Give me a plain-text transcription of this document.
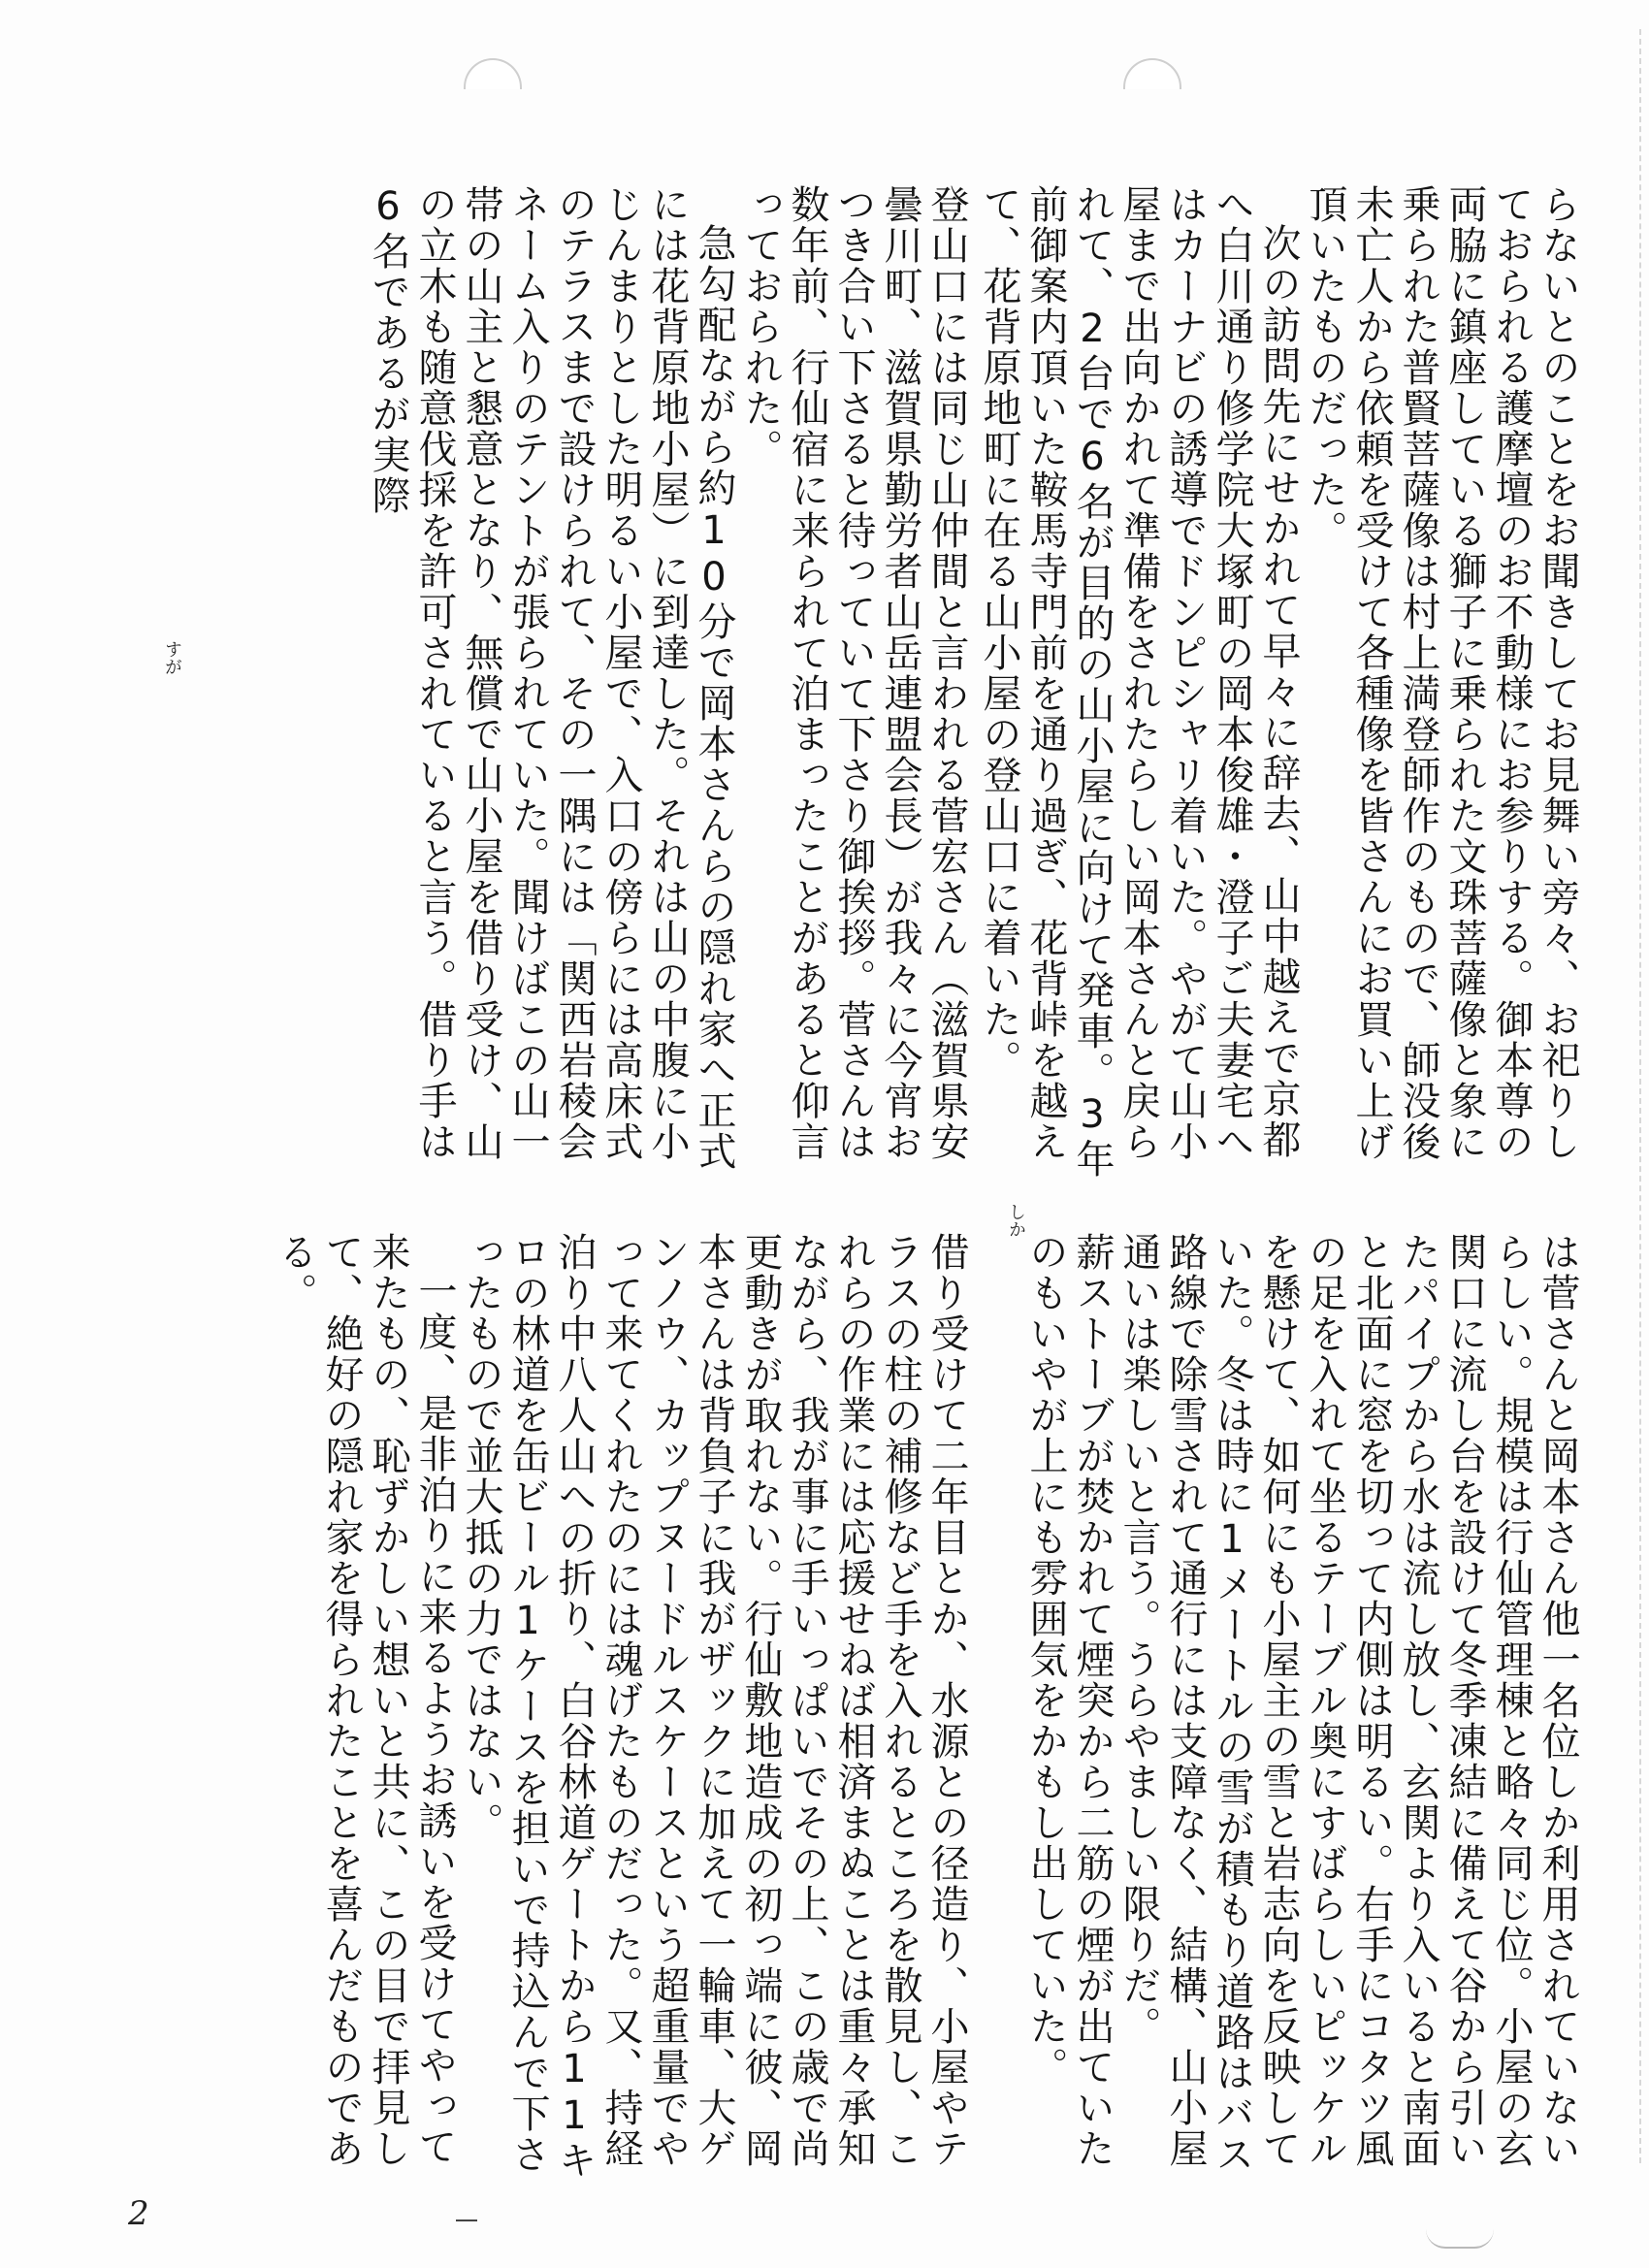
らないとのことをお聞きしてお見舞い旁々、お祀りしておられる護摩壇のお不動様にお参りする。御本尊の両脇に鎮座している獅子に乗られた文珠菩薩像と象に乗られた普賢菩薩像は村上満登師作のもので、師没後未亡人から依頼を受けて各種像を皆さんにお買い上げ頂いたものだった。

次の訪問先にせかれて早々に辞去、山中越えで京都へ白川通り修学院大塚町の岡本俊雄・澄子ご夫妻宅へはカーナビの誘導でドンピシャリ着いた。やがて山小屋まで出向かれて準備をされたらしい岡本さんと戻られて、2台で6名が目的の山小屋に向けて発車。3年前御案内頂いた鞍馬寺門前を通り過ぎ、花背峠を越えて、花背原地町に在る山小屋の登山口に着いた。

登山口には同じ山仲間と言われる菅宏さん（滋賀県安曇川町、滋賀県勤労者山岳連盟会長）が我々に今宵おつき合い下さると待っていて下さり御挨拶。菅さんは数年前、行仙宿に来られて泊まったことがあると仰言っておられた。

急勾配ながら約10分で岡本さんらの隠れ家へ正式には花背原地小屋）に到達した。それは山の中腹に小じんまりとした明るい小屋で、入口の傍らには高床式のテラスまで設けられて、その一隅には「関西岩稜会ネーム入りのテントが張られていた。聞けばこの山一帯の山主と懇意となり、無償で山小屋を借り受け、山の立木も随意伐採を許可されていると言う。借り手は6名であるが実際

は菅さんと岡本さん他一名位しか利用されていないらしい。規模は行仙管理棟と略々同じ位。小屋の玄関口に流し台を設けて冬季凍結に備えて谷から引いたパイプから水は流し放し、玄関より入いると南面と北面に窓を切って内側は明るい。右手にコタツ風の足を入れて坐るテーブル奥にすばらしいピッケルを懸けて、如何にも小屋主の雪と岩志向を反映していた。冬は時に1メートルの雪が積もり道路はバス路線で除雪されて通行には支障なく、結構、山小屋通いは楽しいと言う。うらやましい限りだ。

薪ストーブが焚かれて煙突から二筋の煙が出ていたのもいやが上にも雰囲気をかもし出していた。

借り受けて二年目とか、水源との径造り、小屋やテラスの柱の補修など手を入れるところを散見し、これらの作業には応援せねば相済まぬことは重々承知ながら、我が事に手いっぱいでその上、この歳で尚更動きが取れない。行仙敷地造成の初っ端に彼、岡本さんは背負子に我がザックに加えて一輪車、大ゲンノウ、カップヌードルスケースという超重量でやって来てくれたのには魂げたものだった。又、持経泊り中八人山への折り、白谷林道ゲートから11キロの林道を缶ビール1ケースを担いで持込んで下さったもので並大抵の力ではない。

一度、是非泊りに来るようお誘いを受けてやって来たもの、恥ずかしい想いと共に、この目で拝見して、絶好の隠れ家を得られたことを喜んだものである。

しか
すが
2
